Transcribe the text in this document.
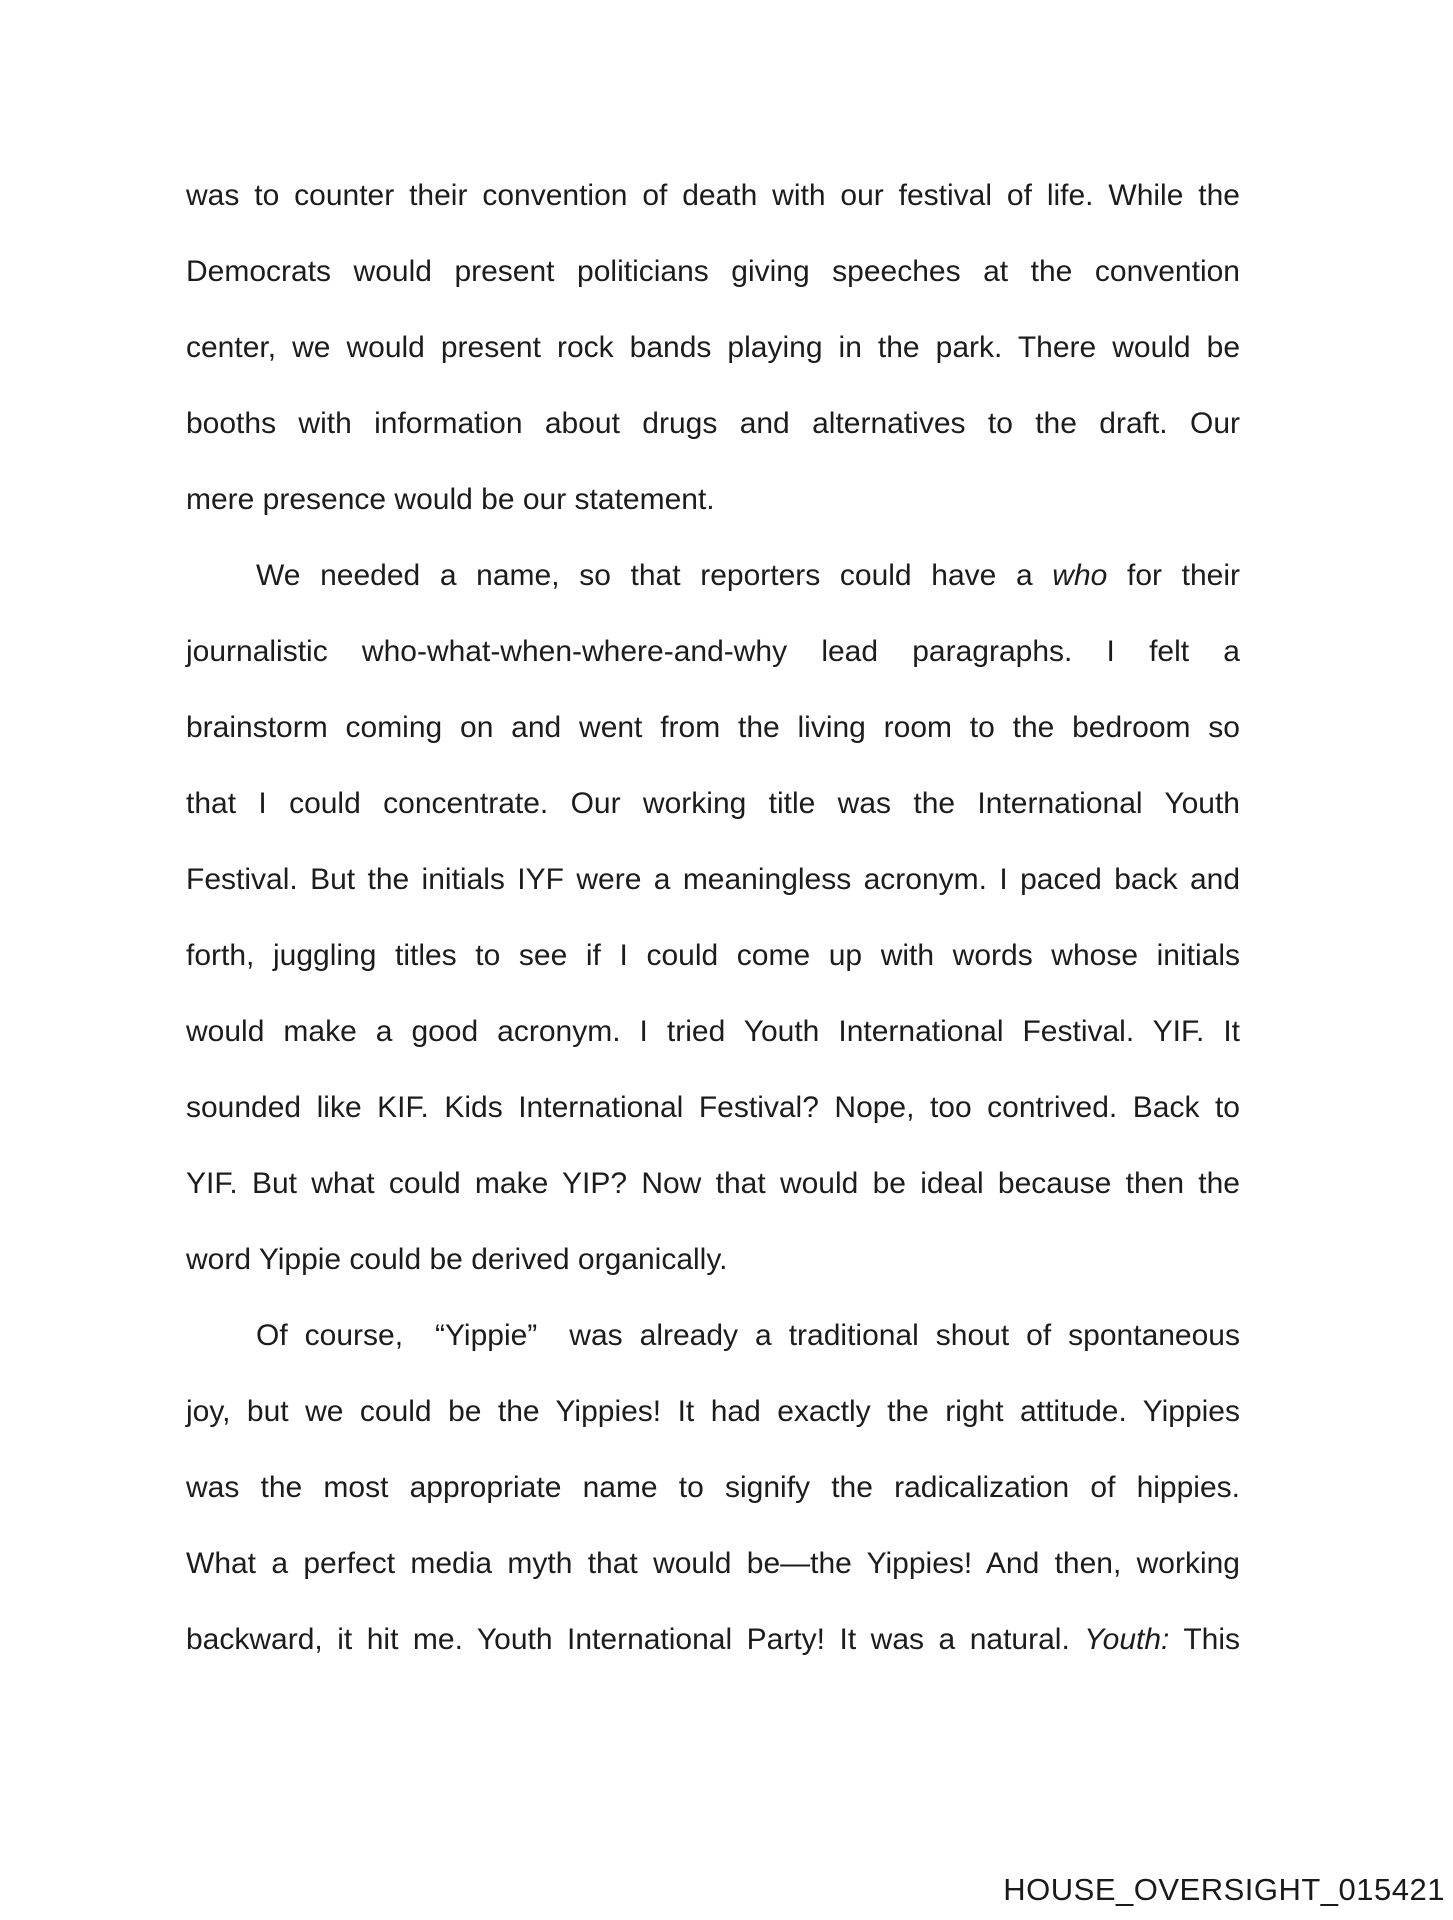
was to counter their convention of death with our festival of life. While the
Democrats would present politicians giving speeches at the convention
center, we would present rock bands playing in the park. There would be
booths with information about drugs and alternatives to the draft. Our
mere presence would be our statement.
We needed a name, so that reporters could have a who for their
journalistic who-what-when-where-and-why lead paragraphs. I felt a
brainstorm coming on and went from the living room to the bedroom so
that I could concentrate. Our working title was the International Youth
Festival. But the initials IYF were a meaningless acronym. I paced back and
forth, juggling titles to see if I could come up with words whose initials
would make a good acronym. I tried Youth International Festival. YIF. It
sounded like KIF. Kids International Festival? Nope, too contrived. Back to
YIF. But what could make YIP? Now that would be ideal because then the
word Yippie could be derived organically.
Of course,  “Yippie”  was already a traditional shout of spontaneous
joy, but we could be the Yippies! It had exactly the right attitude. Yippies
was the most appropriate name to signify the radicalization of hippies.
What a perfect media myth that would be—the Yippies! And then, working
backward, it hit me. Youth International Party! It was a natural. Youth: This
HOUSE_OVERSIGHT_015421
